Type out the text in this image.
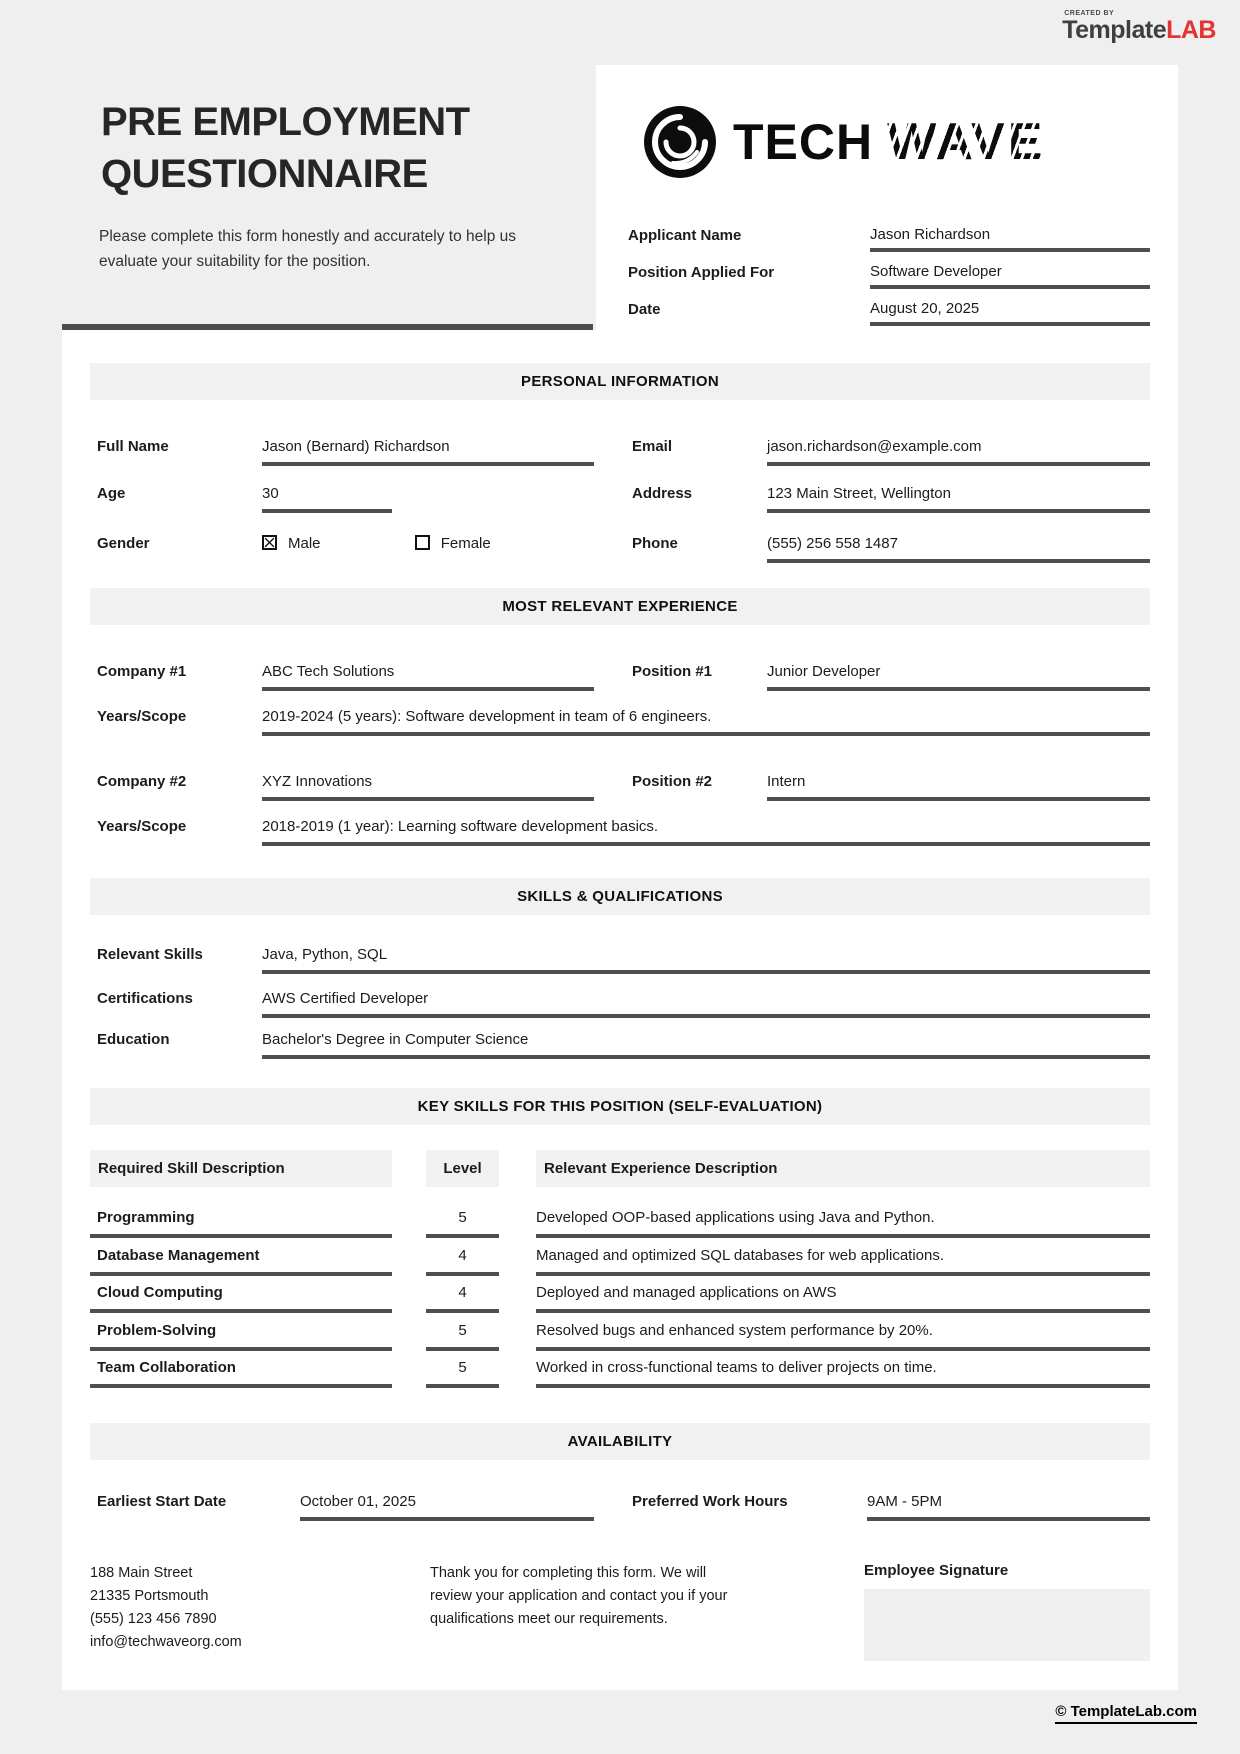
CREATED BY
TemplateLAB
PRE EMPLOYMENT
QUESTIONNAIRE

Please complete this form honestly and accurately to help us evaluate your suitability for the position.

TECH WAVE
Applicant Name	Jason Richardson
Position Applied For	Software Developer
Date	August 20, 2025
PERSONAL INFORMATION
Full Name	Jason (Bernard) Richardson	Email	jason.richardson@example.com
Age	30	Address	123 Main Street, Wellington
Gender	Male	Female	Phone	(555) 256 558 1487
MOST RELEVANT EXPERIENCE
Company #1	ABC Tech Solutions	Position #1	Junior Developer
Years/Scope	2019-2024 (5 years): Software development in team of 6 engineers.
Company #2	XYZ Innovations	Position #2	Intern
Years/Scope	2018-2019 (1 year): Learning software development basics.
SKILLS & QUALIFICATIONS
Relevant Skills	Java, Python, SQL
Certifications	AWS Certified Developer
Education	Bachelor's Degree in Computer Science
KEY SKILLS FOR THIS POSITION (SELF-EVALUATION)
Required Skill Description	Level	Relevant Experience Description
Programming	5	Developed OOP-based applications using Java and Python.
Database Management	4	Managed and optimized SQL databases for web applications.
Cloud Computing	4	Deployed and managed applications on AWS
Problem-Solving	5	Resolved bugs and enhanced system performance by 20%.
Team Collaboration	5	Worked in cross-functional teams to deliver projects on time.
AVAILABILITY
Earliest Start Date	October 01, 2025	Preferred Work Hours	9AM - 5PM
188 Main Street
21335 Portsmouth
(555) 123 456 7890
info@techwaveorg.com
Thank you for completing this form. We will review your application and contact you if your qualifications meet our requirements.
Employee Signature
© TemplateLab.com
